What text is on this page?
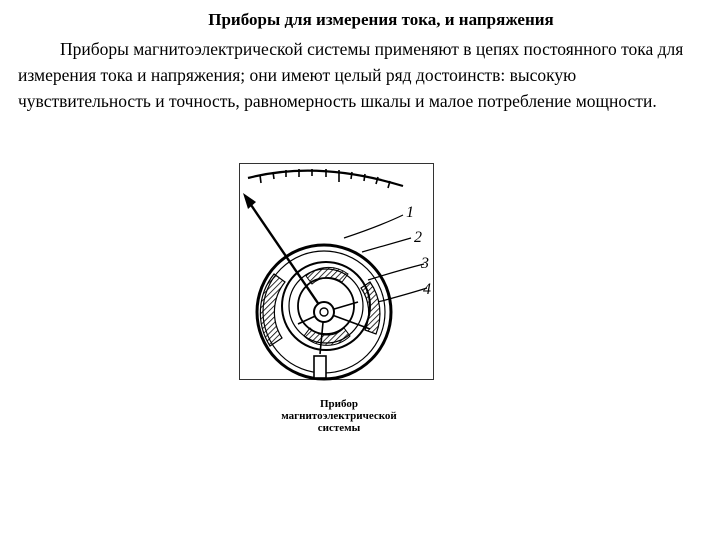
Приборы для измерения тока, и напряжения

Приборы магнитоэлектрической системы применяют в цепях постоянного тока для измерения тока и напряжения; они имеют целый ряд достоинств: высокую чувствительность и точность, равномерность шкалы и малое потребление мощности.

1
2
3
4
Прибор
магнитоэлектрической
системы
